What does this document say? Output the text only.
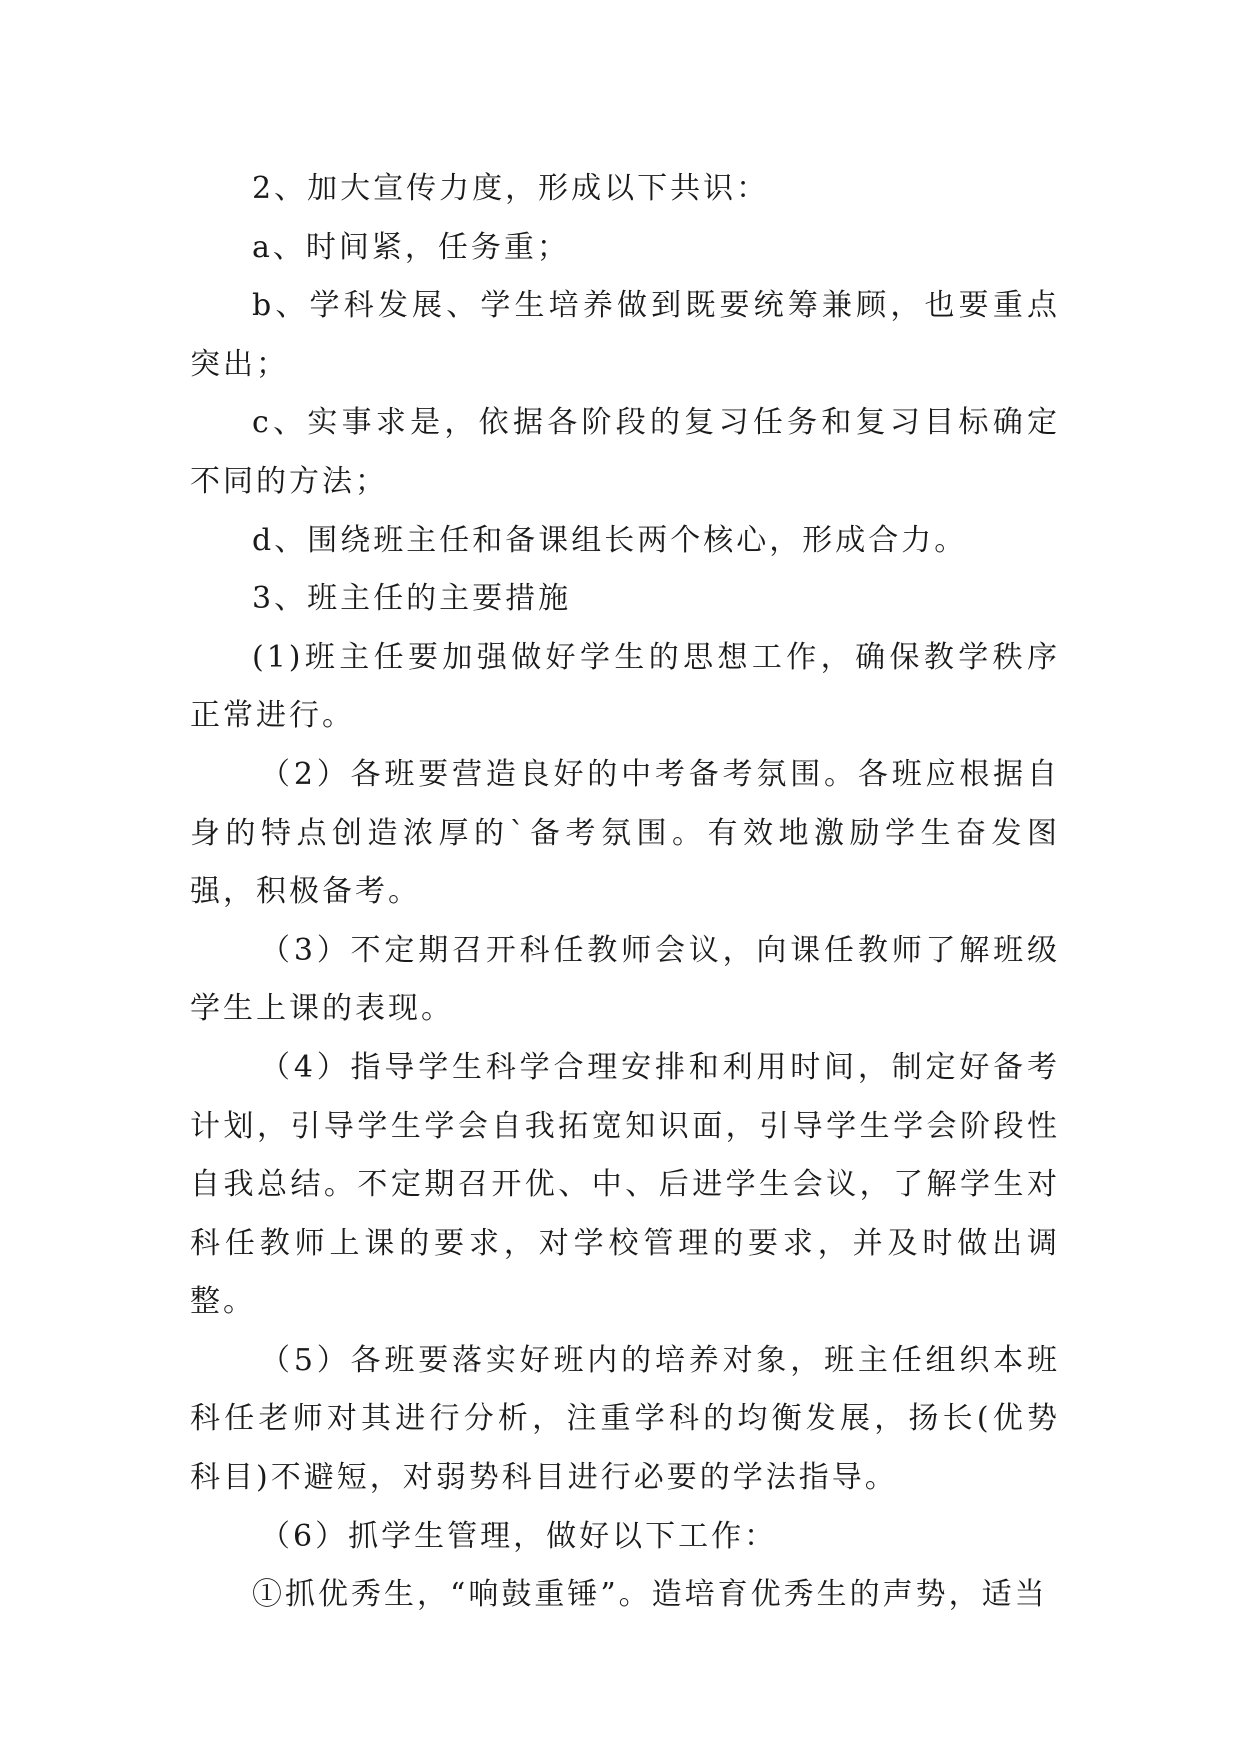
2、加大宣传力度，形成以下共识：

a、时间紧，任务重；

b、学科发展、学生培养做到既要统筹兼顾，也要重点突出；

c、实事求是，依据各阶段的复习任务和复习目标确定不同的方法；

d、围绕班主任和备课组长两个核心，形成合力。

3、班主任的主要措施

(1)班主任要加强做好学生的思想工作，确保教学秩序正常进行。

（2）各班要营造良好的中考备考氛围。各班应根据自身的特点创造浓厚的`备考氛围。有效地激励学生奋发图强，积极备考。

（3）不定期召开科任教师会议，向课任教师了解班级学生上课的表现。

（4）指导学生科学合理安排和利用时间，制定好备考计划，引导学生学会自我拓宽知识面，引导学生学会阶段性自我总结。不定期召开优、中、后进学生会议，了解学生对科任教师上课的要求，对学校管理的要求，并及时做出调整。

（5）各班要落实好班内的培养对象，班主任组织本班科任老师对其进行分析，注重学科的均衡发展，扬长(优势科目)不避短，对弱势科目进行必要的学法指导。

（6）抓学生管理，做好以下工作：

①抓优秀生，“响鼓重锤”。造培育优秀生的声势，适当
